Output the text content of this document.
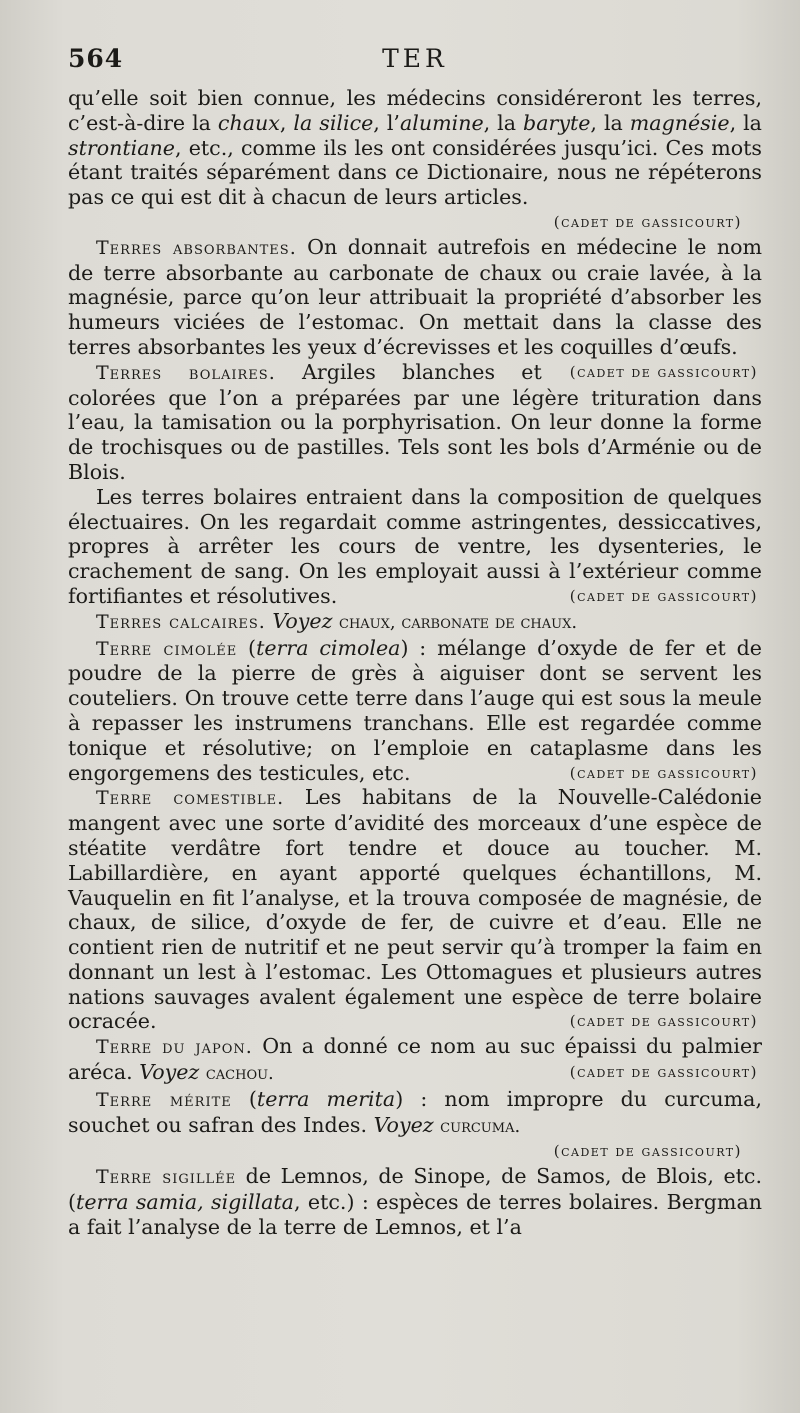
564	TER

qu’elle soit bien connue, les médecins considéreront les terres, c’est-à-dire la chaux, la silice, l’alumine, la baryte, la magnésie, la strontiane, etc., comme ils les ont considérées jusqu’ici. Ces mots étant traités séparément dans ce Dictionaire, nous ne répéterons pas ce qui est dit à chacun de leurs articles.

(cadet de gassicourt)

Terres absorbantes. On donnait autrefois en médecine le nom de terre absorbante au carbonate de chaux ou craie lavée, à la magnésie, parce qu’on leur attribuait la propriété d’absorber les humeurs viciées de l’estomac. On mettait dans la classe des terres absorbantes les yeux d’écrevisses et les coquilles d’œufs.
(cadet de gassicourt)

Terres bolaires. Argiles blanches et colorées que l’on a préparées par une légère trituration dans l’eau, la tamisation ou la porphyrisation. On leur donne la forme de trochisques ou de pastilles. Tels sont les bols d’Arménie ou de Blois.

Les terres bolaires entraient dans la composition de quelques électuaires. On les regardait comme astringentes, dessiccatives, propres à arrêter les cours de ventre, les dysenteries, le crachement de sang. On les employait aussi à l’extérieur comme fortifiantes et résolutives.	(cadet de gassicourt)

Terres calcaires. Voyez chaux, carbonate de chaux.

Terre cimolée (terra cimolea) : mélange d’oxyde de fer et de poudre de la pierre de grès à aiguiser dont se servent les couteliers. On trouve cette terre dans l’auge qui est sous la meule à repasser les instrumens tranchans. Elle est regardée comme tonique et résolutive; on l’emploie en cataplasme dans les engorgemens des testicules, etc.	(cadet de gassicourt)

Terre comestible. Les habitans de la Nouvelle-Calédonie mangent avec une sorte d’avidité des morceaux d’une espèce de stéatite verdâtre fort tendre et douce au toucher. M. Labillardière, en ayant apporté quelques échantillons, M. Vauquelin en fit l’analyse, et la trouva composée de magnésie, de chaux, de silice, d’oxyde de fer, de cuivre et d’eau. Elle ne contient rien de nutritif et ne peut servir qu’à tromper la faim en donnant un lest à l’estomac. Les Ottomagues et plusieurs autres nations sauvages avalent également une espèce de terre bolaire ocracée.	(cadet de gassicourt)

Terre du japon. On a donné ce nom au suc épaissi du palmier aréca. Voyez cachou.	(cadet de gassicourt)

Terre mérite (terra merita) : nom impropre du curcuma, souchet ou safran des Indes. Voyez curcuma.

(cadet de gassicourt)

Terre sigillée de Lemnos, de Sinope, de Samos, de Blois, etc. (terra samia, sigillata, etc.) : espèces de terres bolaires. Bergman a fait l’analyse de la terre de Lemnos, et l’a
